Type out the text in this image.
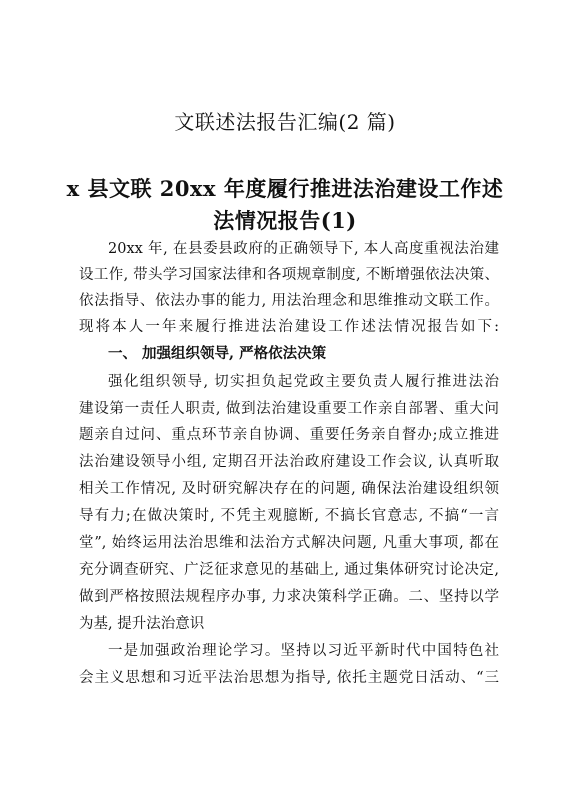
文联述法报告汇编(2 篇)
x 县文联 20xx 年度履行推进法治建设工作述
法情况报告(1)
20xx 年, 在县委县政府的正确领导下, 本人高度重视法治建
设工作, 带头学习国家法律和各项规章制度, 不断增强依法决策、
依法指导、依法办事的能力, 用法治理念和思维推动文联工作。
现将本人一年来履行推进法治建设工作述法情况报告如下:
一、 加强组织领导, 严格依法决策
强化组织领导, 切实担负起党政主要负责人履行推进法治
建设第一责任人职责, 做到法治建设重要工作亲自部署、重大问
题亲自过问、重点环节亲自协调、重要任务亲自督办;成立推进
法治建设领导小组, 定期召开法治政府建设工作会议, 认真听取
相关工作情况, 及时研究解决存在的问题, 确保法治建设组织领
导有力;在做决策时, 不凭主观臆断, 不搞长官意志, 不搞“一言
堂”, 始终运用法治思维和法治方式解决问题, 凡重大事项, 都在
充分调查研究、广泛征求意见的基础上, 通过集体研究讨论决定,
做到严格按照法规程序办事, 力求决策科学正确。二、坚持以学
为基, 提升法治意识
一是加强政治理论学习。坚持以习近平新时代中国特色社
会主义思想和习近平法治思想为指导, 依托主题党日活动、“三
